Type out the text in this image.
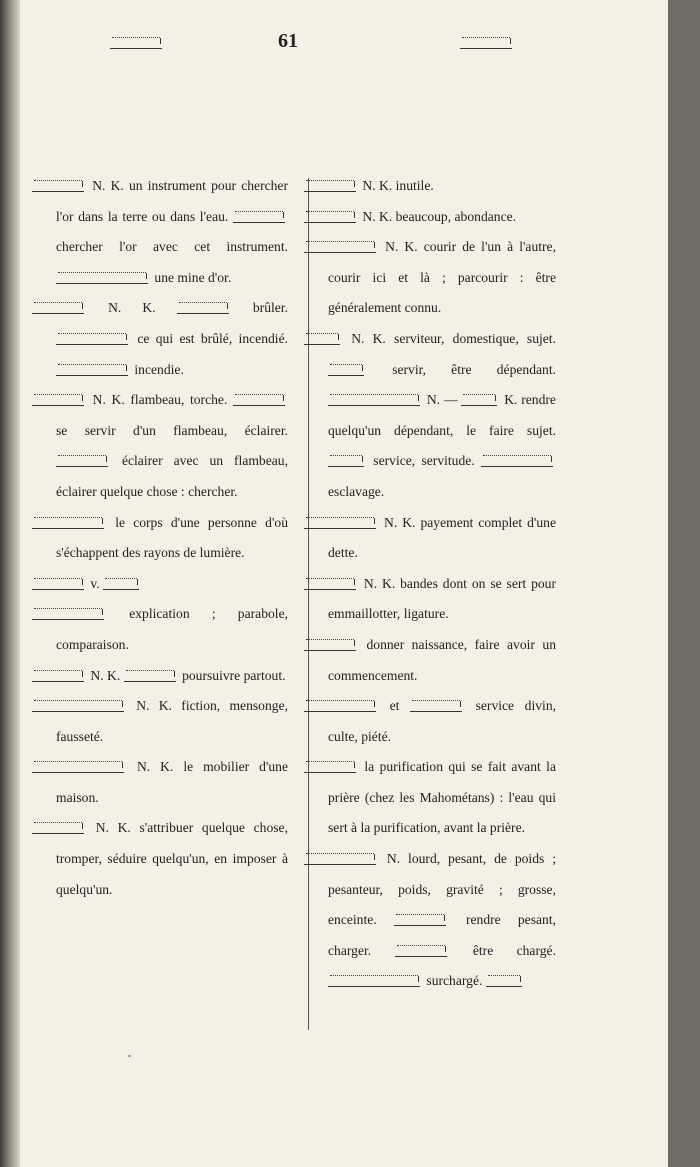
61

N. K. un instrument pour chercher l'or dans la terre ou dans l'eau.  chercher l'or avec cet instrument.  une mine d'or.

N. K.	brûler.  ce qui est brûlé, incendié.  incendie.

N. K. flambeau, torche.  se servir d'un flambeau, éclairer.  éclairer avec un flambeau, éclairer quelque chose : chercher.

le corps d'une personne d'où s'échappent des rayons de lumière.

v.

explication ; parabole, comparaison.

N. K.	poursuivre partout.

N. K. fiction, mensonge, fausseté.

N. K. le mobilier d'une maison.

N. K. s'attribuer quelque chose, tromper, séduire quelqu'un, en imposer à quelqu'un.

N. K. inutile.

N. K. beaucoup, abondance.

N. K. courir de l'un à l'autre, courir ici et là ; parcourir : être généralement connu.

N. K. serviteur, domestique, sujet.  servir, être dépendant.  N. —	K. rendre quelqu'un dépendant, le faire sujet.  service, servitude.  esclavage.

N. K. payement complet d'une dette.

N. K. bandes dont on se sert pour emmaillotter, ligature.

donner naissance, faire avoir un commencement.

et	service divin, culte, piété.

la purification qui se fait avant la prière (chez les Mahométans) : l'eau qui sert à la purification, avant la prière.

N. lourd, pesant, de poids ; pesanteur, poids, gravité ; grosse, enceinte.	rendre pesant, charger.	être chargé.  surchargé.
